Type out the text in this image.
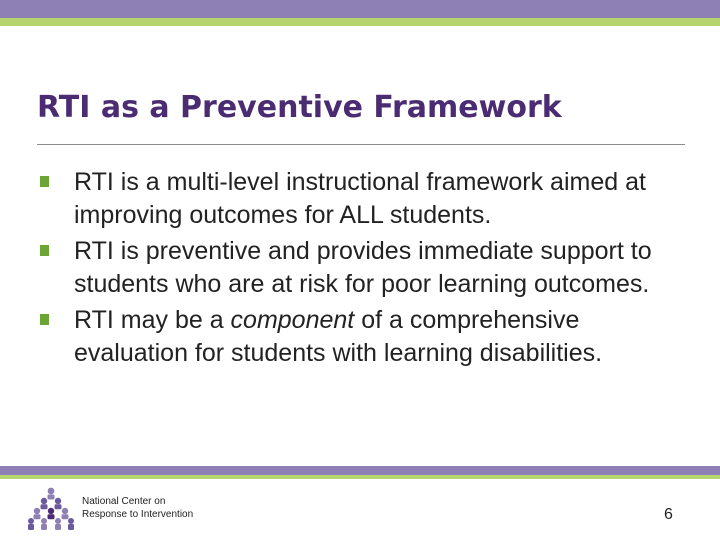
RTI as a Preventive Framework
RTI is a multi-level instructional framework aimed at improving outcomes for ALL students.
RTI is preventive and provides immediate support to students who are at risk for poor learning outcomes.
RTI may be a component of a comprehensive evaluation for students with learning disabilities.
National Center on
Response to Intervention	6
